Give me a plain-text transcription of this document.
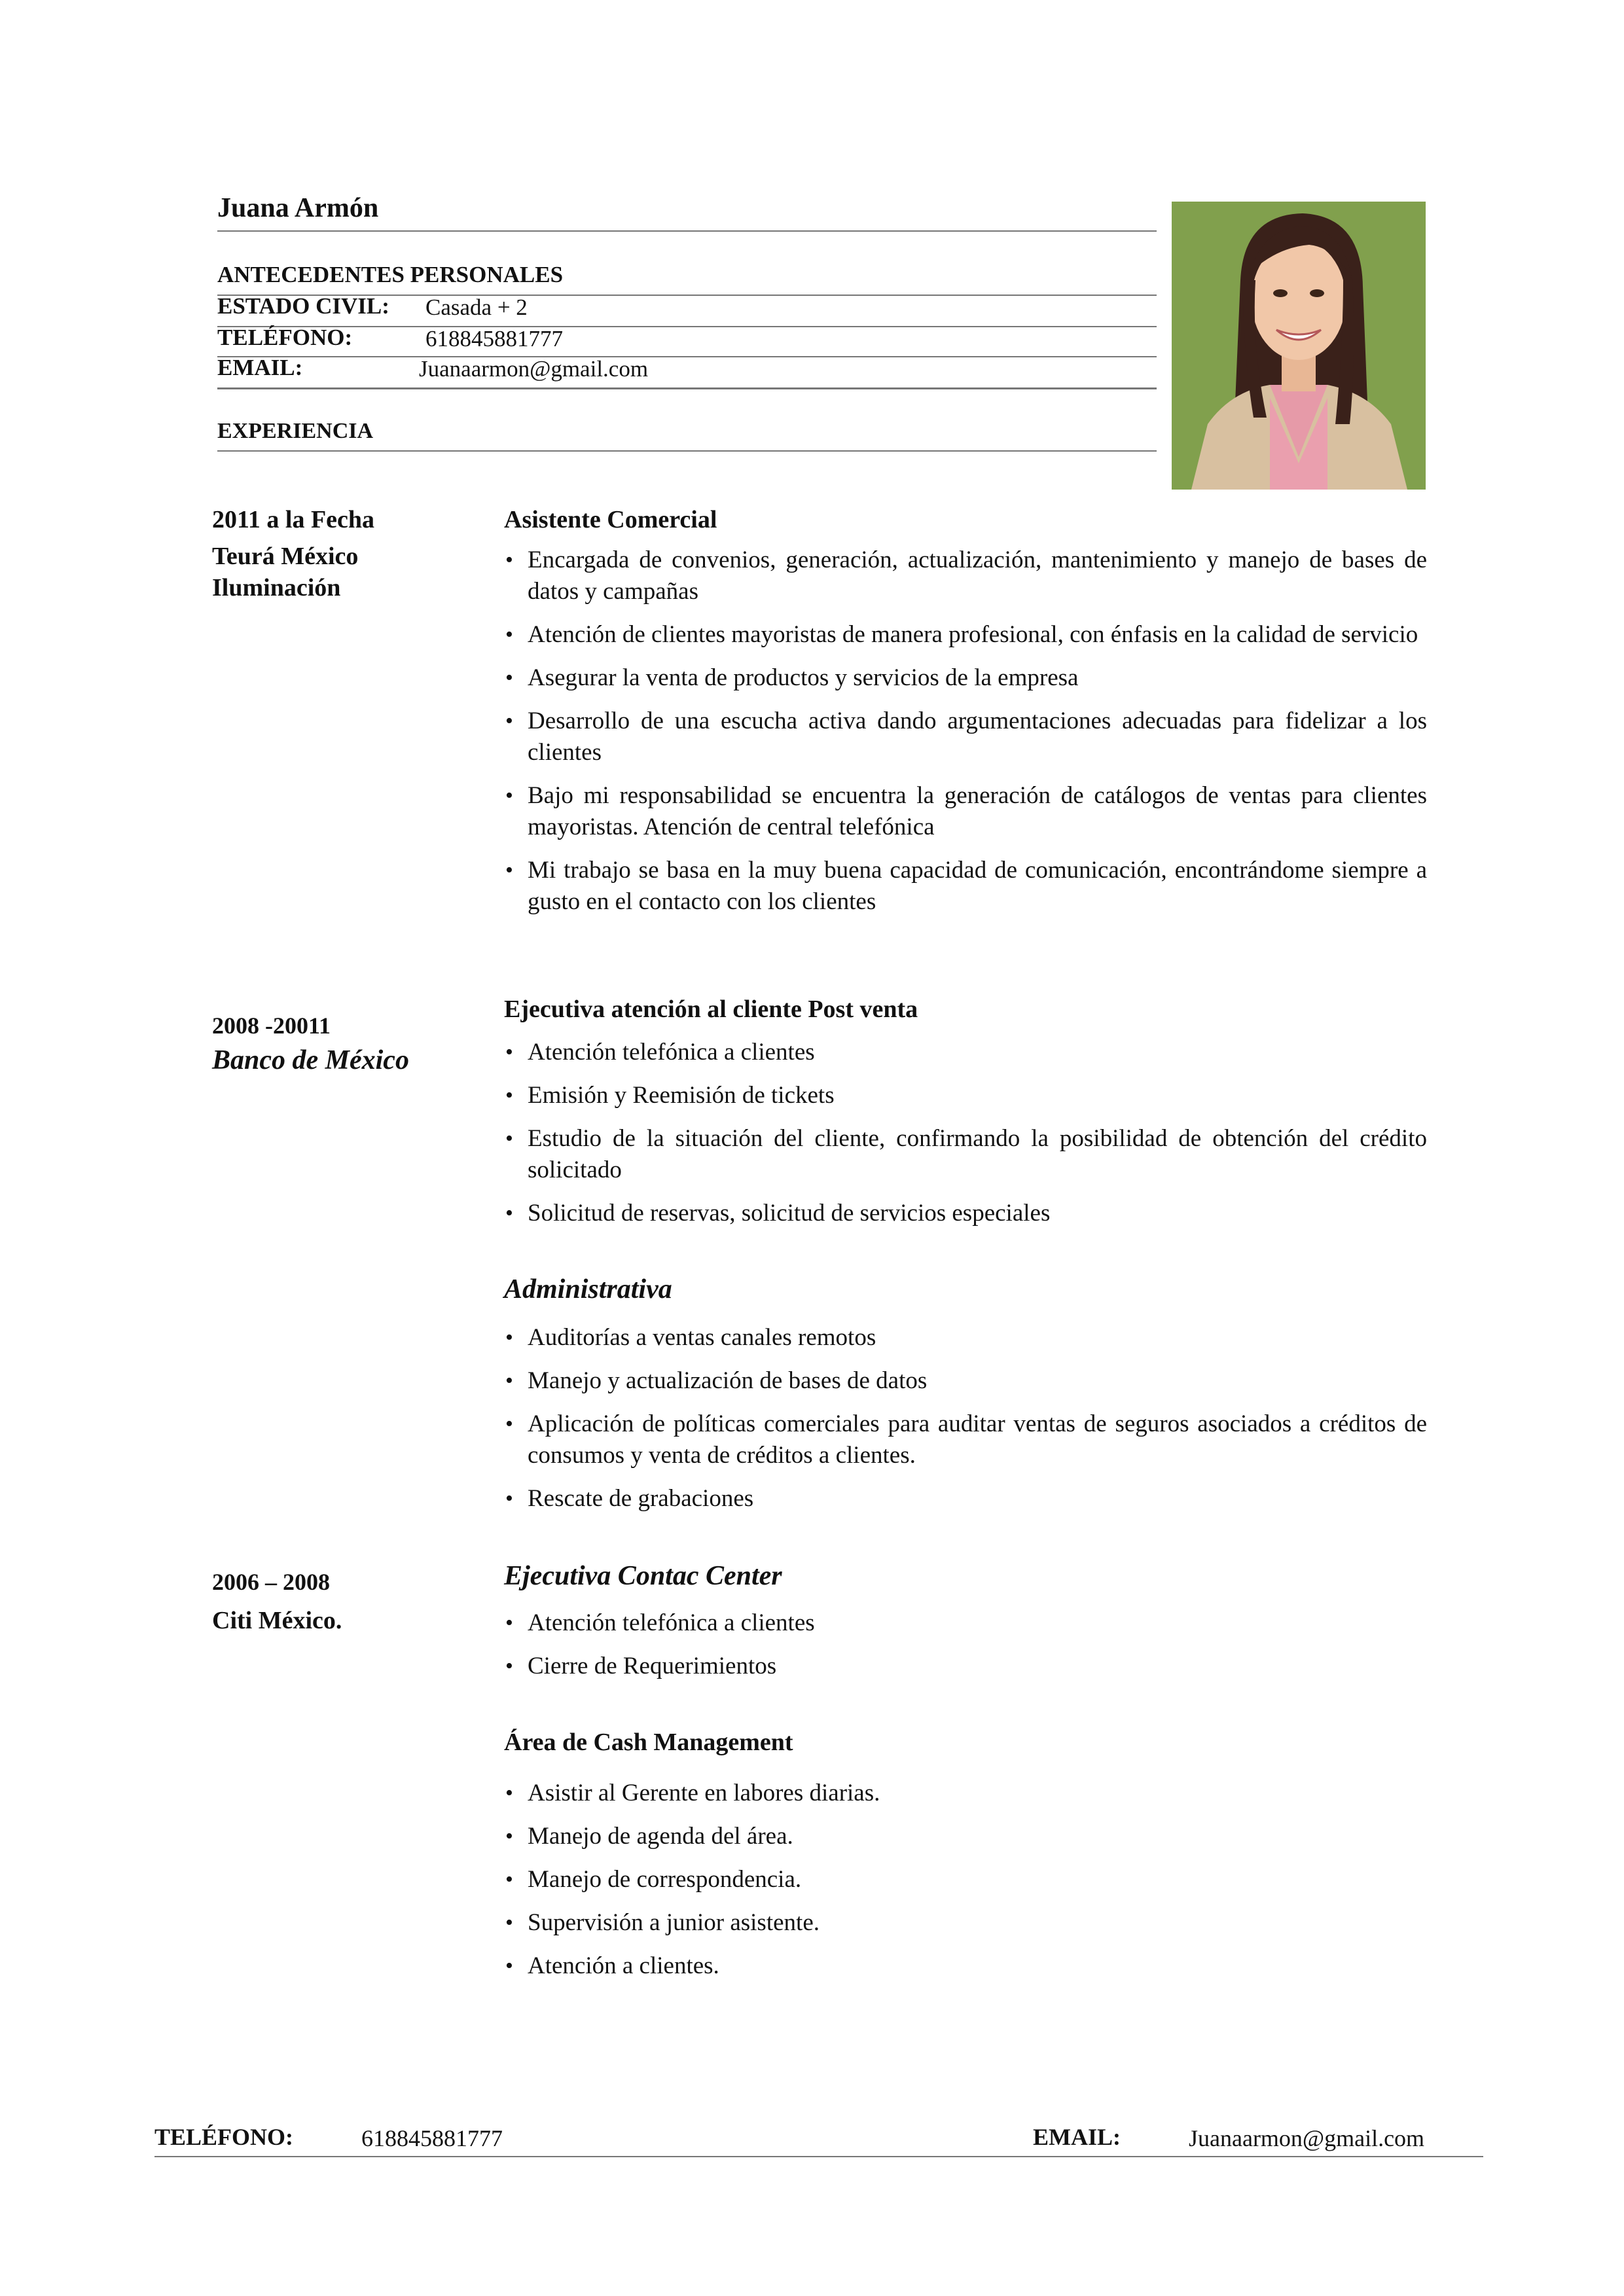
Juana Armón
ANTECEDENTES PERSONALES
ESTADO CIVIL: Casada + 2
TELÉFONO:	618845881777
EMAIL:	Juanaarmon@gmail.com
EXPERIENCIA
2011 a la Fecha
Teurá México Iluminación
Asistente Comercial
• Encargada de convenios, generación, actualización, mantenimiento y manejo de bases de datos y campañas
• Atención de clientes mayoristas de manera profesional, con énfasis en la calidad de servicio
• Asegurar la venta de productos y servicios de la empresa
• Desarrollo de una escucha activa dando argumentaciones adecuadas para fidelizar a los clientes
• Bajo mi responsabilidad se encuentra la generación de catálogos de ventas para clientes mayoristas. Atención de central telefónica
• Mi trabajo se basa en la muy buena capacidad de comunicación, encontrándome siempre a gusto en el contacto con los clientes
2008 -20011
Banco de México
Ejecutiva atención al cliente Post venta
• Atención telefónica a clientes
• Emisión y Reemisión de tickets
• Estudio de la situación del cliente, confirmando la posibilidad de obtención del crédito solicitado
• Solicitud de reservas, solicitud de servicios especiales
Administrativa
• Auditorías a ventas canales remotos
• Manejo y actualización de bases de datos
• Aplicación de políticas comerciales para auditar ventas de seguros asociados a créditos de consumos y venta de créditos a clientes.
• Rescate de grabaciones
2006 – 2008
Citi México.
Ejecutiva Contac Center
• Atención telefónica a clientes
• Cierre de Requerimientos
Área de Cash Management
• Asistir al Gerente en labores diarias.
• Manejo de agenda del área.
• Manejo de correspondencia.
• Supervisión a junior asistente.
• Atención a clientes.
TELÉFONO:	618845881777	EMAIL:	Juanaarmon@gmail.com
